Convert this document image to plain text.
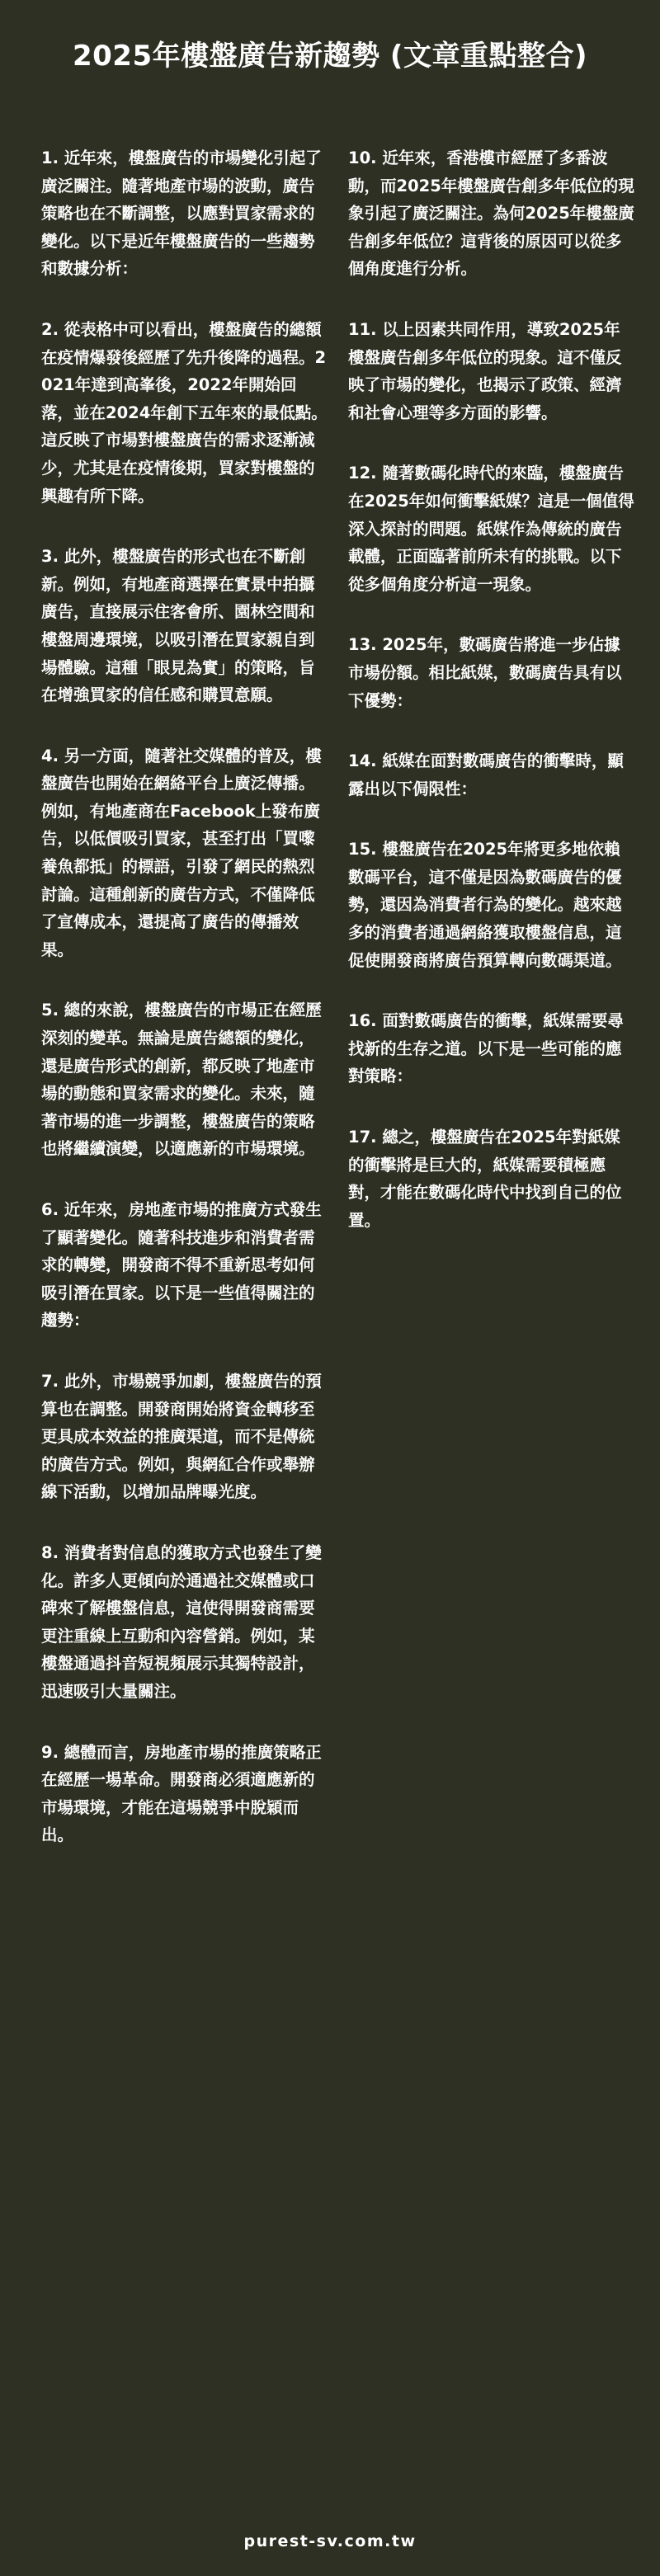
2025年樓盤廣告新趨勢 (文章重點整合)

1. 近年來，樓盤廣告的市場變化引起了廣泛關注。隨著地產市場的波動，廣告策略也在不斷調整，以應對買家需求的變化。以下是近年樓盤廣告的一些趨勢和數據分析：

2. 從表格中可以看出，樓盤廣告的總額在疫情爆發後經歷了先升後降的過程。2021年達到高峯後，2022年開始回落，並在2024年創下五年來的最低點。這反映了市場對樓盤廣告的需求逐漸減少，尤其是在疫情後期，買家對樓盤的興趣有所下降。

3. 此外，樓盤廣告的形式也在不斷創新。例如，有地產商選擇在實景中拍攝廣告，直接展示住客會所、園林空間和樓盤周邊環境，以吸引潛在買家親自到場體驗。這種「眼見為實」的策略，旨在增強買家的信任感和購買意願。

4. 另一方面，隨著社交媒體的普及，樓盤廣告也開始在網絡平台上廣泛傳播。例如，有地產商在Facebook上發布廣告，以低價吸引買家，甚至打出「買嚟養魚都抵」的標語，引發了網民的熱烈討論。這種創新的廣告方式，不僅降低了宣傳成本，還提高了廣告的傳播效果。

5. 總的來說，樓盤廣告的市場正在經歷深刻的變革。無論是廣告總額的變化，還是廣告形式的創新，都反映了地產市場的動態和買家需求的變化。未來，隨著市場的進一步調整，樓盤廣告的策略也將繼續演變，以適應新的市場環境。

6. 近年來，房地產市場的推廣方式發生了顯著變化。隨著科技進步和消費者需求的轉變，開發商不得不重新思考如何吸引潛在買家。以下是一些值得關注的趨勢：

7. 此外，市場競爭加劇，樓盤廣告的預算也在調整。開發商開始將資金轉移至更具成本效益的推廣渠道，而不是傳統的廣告方式。例如，與網紅合作或舉辦線下活動，以增加品牌曝光度。

8. 消費者對信息的獲取方式也發生了變化。許多人更傾向於通過社交媒體或口碑來了解樓盤信息，這使得開發商需要更注重線上互動和內容營銷。例如，某樓盤通過抖音短視頻展示其獨特設計，迅速吸引大量關注。

9. 總體而言，房地產市場的推廣策略正在經歷一場革命。開發商必須適應新的市場環境，才能在這場競爭中脫穎而出。

10. 近年來，香港樓市經歷了多番波動，而2025年樓盤廣告創多年低位的現象引起了廣泛關注。為何2025年樓盤廣告創多年低位？這背後的原因可以從多個角度進行分析。

11. 以上因素共同作用，導致2025年樓盤廣告創多年低位的現象。這不僅反映了市場的變化，也揭示了政策、經濟和社會心理等多方面的影響。

12. 隨著數碼化時代的來臨，樓盤廣告在2025年如何衝擊紙媒？這是一個值得深入探討的問題。紙媒作為傳統的廣告載體，正面臨著前所未有的挑戰。以下從多個角度分析這一現象。

13. 2025年，數碼廣告將進一步佔據市場份額。相比紙媒，數碼廣告具有以下優勢：

14. 紙媒在面對數碼廣告的衝擊時，顯露出以下侷限性：

15. 樓盤廣告在2025年將更多地依賴數碼平台，這不僅是因為數碼廣告的優勢，還因為消費者行為的變化。越來越多的消費者通過網絡獲取樓盤信息，這促使開發商將廣告預算轉向數碼渠道。

16. 面對數碼廣告的衝擊，紙媒需要尋找新的生存之道。以下是一些可能的應對策略：

17. 總之，樓盤廣告在2025年對紙媒的衝擊將是巨大的，紙媒需要積極應對，才能在數碼化時代中找到自己的位置。

purest-sv.com.tw
